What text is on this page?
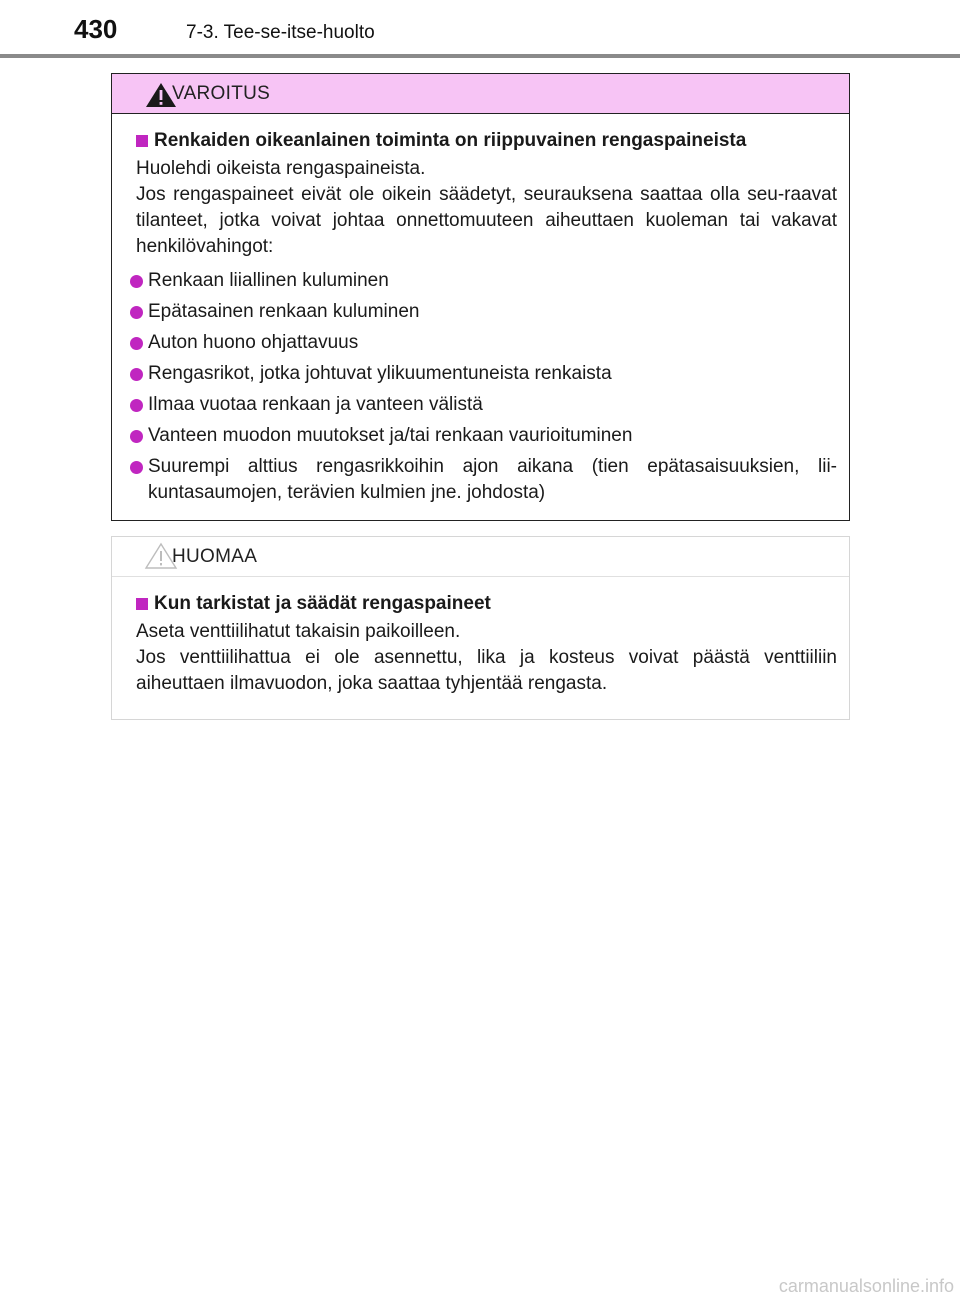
430	7-3. Tee-se-itse-huolto
VAROITUS
Renkaiden oikeanlainen toiminta on riippuvainen rengaspaineista

Huolehdi oikeista rengaspaineista.

Jos rengaspaineet eivät ole oikein säädetyt, seurauksena saattaa olla seu-raavat tilanteet, jotka voivat johtaa onnettomuuteen aiheuttaen kuoleman tai vakavat henkilövahingot:

Renkaan liiallinen kuluminen
Epätasainen renkaan kuluminen
Auton huono ohjattavuus
Rengasrikot, jotka johtuvat ylikuumentuneista renkaista
Ilmaa vuotaa renkaan ja vanteen välistä
Vanteen muodon muutokset ja/tai renkaan vaurioituminen
Suurempi alttius rengasrikkoihin ajon aikana (tien epätasaisuuksien, lii-kuntasaumojen, terävien kulmien jne. johdosta)
HUOMAA
Kun tarkistat ja säädät rengaspaineet

Aseta venttiilihatut takaisin paikoilleen.

Jos venttiilihattua ei ole asennettu, lika ja kosteus voivat päästä venttiiliin aiheuttaen ilmavuodon, joka saattaa tyhjentää rengasta.

carmanualsonline.info
